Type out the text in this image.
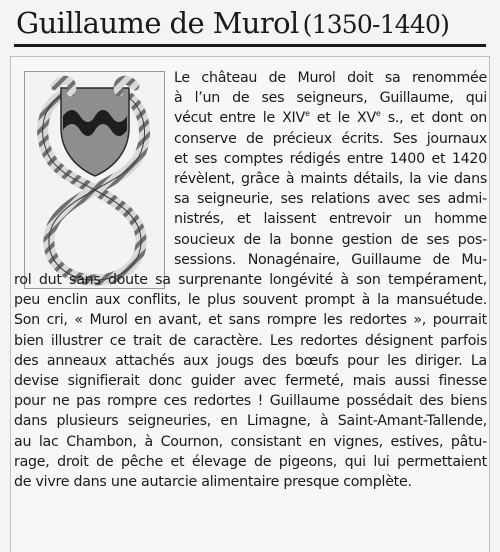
Guillaume de Murol (1350-1440)
Le château de Murol doit sa renommée
à l’un de ses seigneurs, Guillaume, qui
vécut entre le XIVe et le XVe s., et dont on
conserve de précieux écrits. Ses journaux
et ses comptes rédigés entre 1400 et 1420
révèlent, grâce à maints détails, la vie dans
sa seigneurie, ses relations avec ses admi-
nistrés, et laissent entrevoir un homme
soucieux de la bonne gestion de ses pos-
sessions. Nonagénaire, Guillaume de Mu-
rol dut sans doute sa surprenante longévité à son tempérament,
peu enclin aux conflits, le plus souvent prompt à la mansuétude.
Son cri, « Murol en avant, et sans rompre les redortes », pourrait
bien illustrer ce trait de caractère. Les redortes désignent parfois
des anneaux attachés aux jougs des bœufs pour les diriger. La
devise signifierait donc guider avec fermeté, mais aussi finesse
pour ne pas rompre ces redortes ! Guillaume possédait des biens
dans plusieurs seigneuries, en Limagne, à Saint-Amant-Tallende,
au lac Chambon, à Cournon, consistant en vignes, estives, pâtu-
rage, droit de pêche et élevage de pigeons, qui lui permettaient
de vivre dans une autarcie alimentaire presque complète.
